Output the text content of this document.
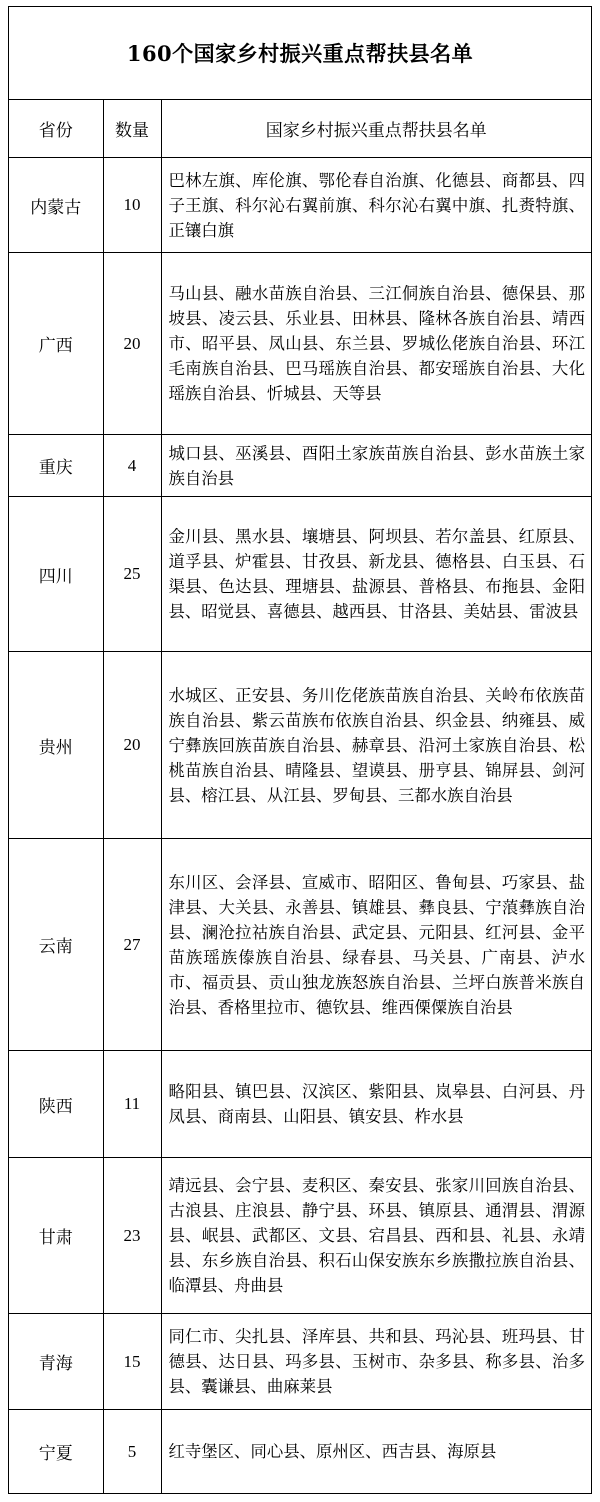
160个国家乡村振兴重点帮扶县名单
省份	数量	国家乡村振兴重点帮扶县名单
内蒙古	10	巴林左旗、库伦旗、鄂伦春自治旗、化德县、商都县、四子王旗、科尔沁右翼前旗、科尔沁右翼中旗、扎赉特旗、正镶白旗
广西	20	马山县、融水苗族自治县、三江侗族自治县、德保县、那坡县、凌云县、乐业县、田林县、隆林各族自治县、靖西市、昭平县、凤山县、东兰县、罗城仫佬族自治县、环江毛南族自治县、巴马瑶族自治县、都安瑶族自治县、大化瑶族自治县、忻城县、天等县
重庆	4	城口县、巫溪县、酉阳土家族苗族自治县、彭水苗族土家族自治县
四川	25	金川县、黑水县、壤塘县、阿坝县、若尔盖县、红原县、道孚县、炉霍县、甘孜县、新龙县、德格县、白玉县、石渠县、色达县、理塘县、盐源县、普格县、布拖县、金阳县、昭觉县、喜德县、越西县、甘洛县、美姑县、雷波县
贵州	20	水城区、正安县、务川仡佬族苗族自治县、关岭布依族苗族自治县、紫云苗族布依族自治县、织金县、纳雍县、威宁彝族回族苗族自治县、赫章县、沿河土家族自治县、松桃苗族自治县、晴隆县、望谟县、册亨县、锦屏县、剑河县、榕江县、从江县、罗甸县、三都水族自治县
云南	27	东川区、会泽县、宣威市、昭阳区、鲁甸县、巧家县、盐津县、大关县、永善县、镇雄县、彝良县、宁蒗彝族自治县、澜沧拉祜族自治县、武定县、元阳县、红河县、金平苗族瑶族傣族自治县、绿春县、马关县、广南县、泸水市、福贡县、贡山独龙族怒族自治县、兰坪白族普米族自治县、香格里拉市、德钦县、维西傈僳族自治县
陕西	11	略阳县、镇巴县、汉滨区、紫阳县、岚皋县、白河县、丹凤县、商南县、山阳县、镇安县、柞水县
甘肃	23	靖远县、会宁县、麦积区、秦安县、张家川回族自治县、古浪县、庄浪县、静宁县、环县、镇原县、通渭县、渭源县、岷县、武都区、文县、宕昌县、西和县、礼县、永靖县、东乡族自治县、积石山保安族东乡族撒拉族自治县、临潭县、舟曲县
青海	15	同仁市、尖扎县、泽库县、共和县、玛沁县、班玛县、甘德县、达日县、玛多县、玉树市、杂多县、称多县、治多县、囊谦县、曲麻莱县
宁夏	5	红寺堡区、同心县、原州区、西吉县、海原县
